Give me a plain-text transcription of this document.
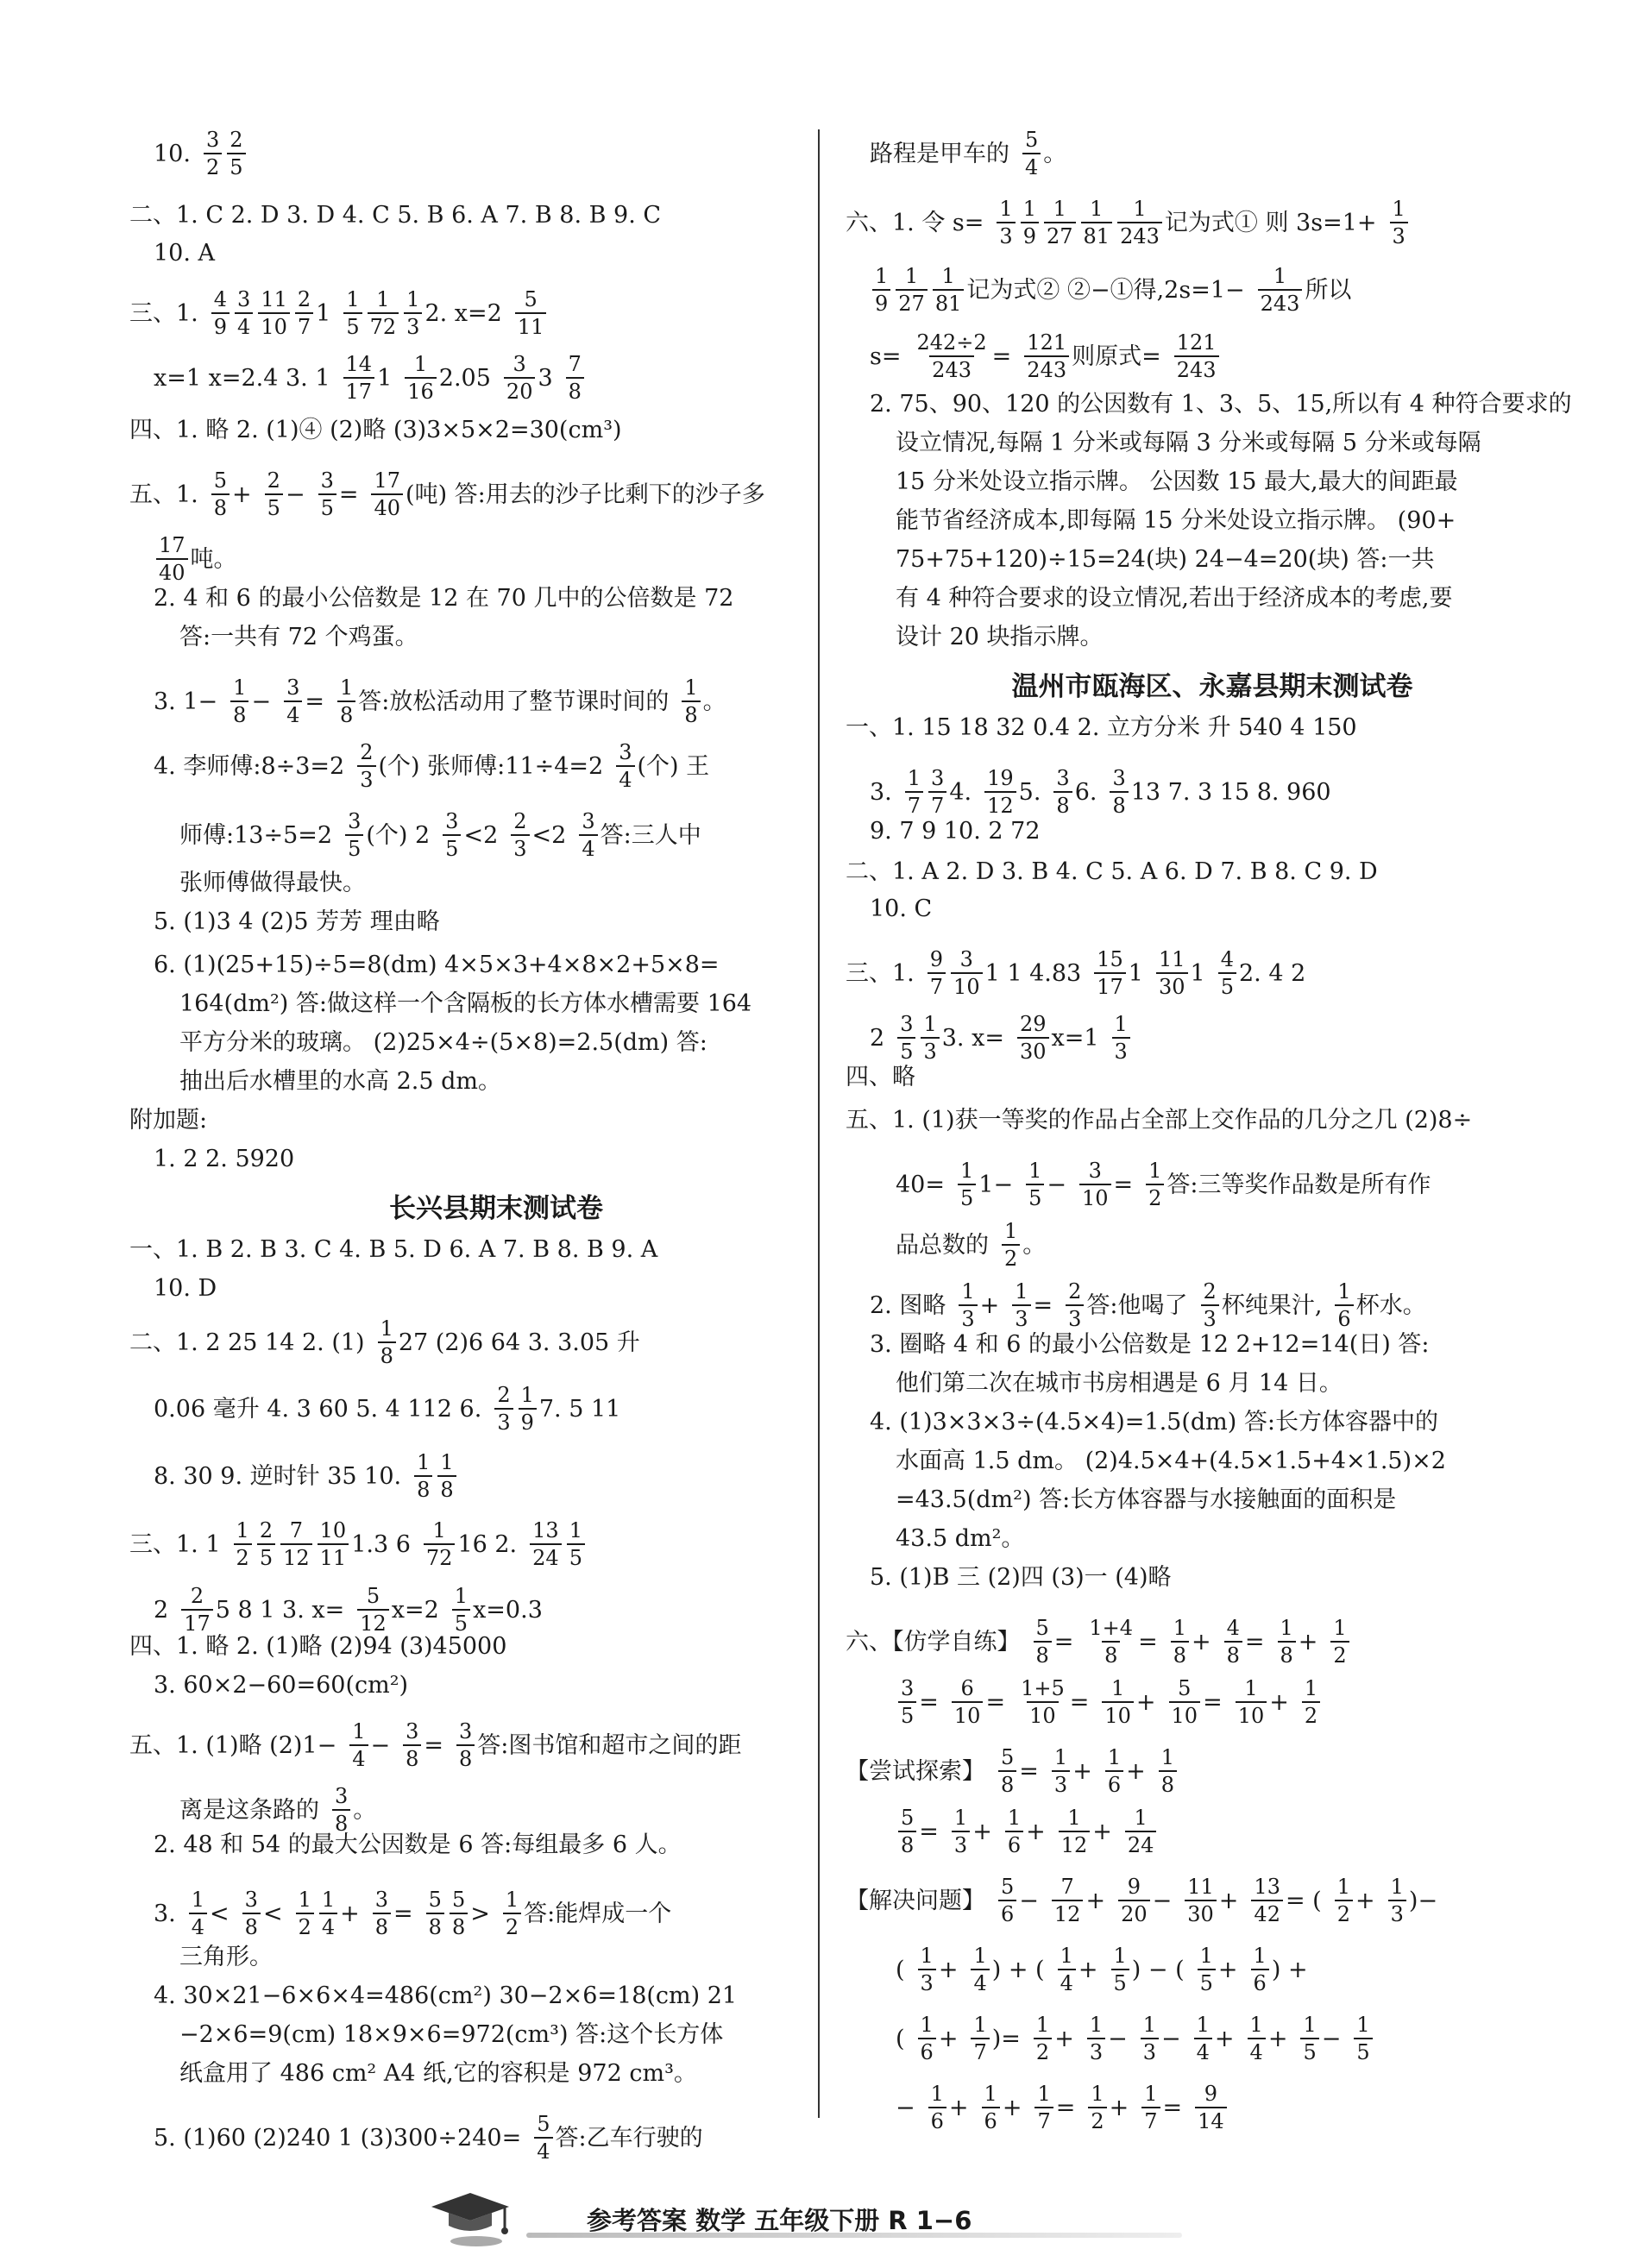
10. $\frac{3}{2} \frac{2}{5}$
二、1. C 2. D 3. D 4. C 5. B 6. A 7. B 8. B 9. C
10. A
三、1. $\frac{4}{9} \frac{3}{4} \frac{11}{10} \frac{2}{7} 1 \frac{1}{5} \frac{1}{72} \frac{1}{3} 2$. $x=2 \frac{5}{11}$
x=1 x=2.4 3. $1 \frac{14}{17} 1 \frac{1}{16} 2.05 \frac{3}{20} 3 \frac{7}{8}$
四、1. 略 2. (1)④ (2)略 (3)3×5×2=30(cm³)
五、1. $\frac{5}{8} + \frac{2}{5} - \frac{3}{5} = \frac{17}{40}$ (吨) 答:用去的沙子比剩下的沙子多
$\frac{17}{40}$ 吨。
2. 4 和 6 的最小公倍数是 12 在 70 几中的公倍数是 72
答:一共有 72 个鸡蛋。
3. $1- \frac{1}{8} - \frac{3}{4} = \frac{1}{8}$ 答:放松活动用了整节课时间的 $\frac{1}{8}$ 。
4. 李师傅:8÷3=2 $\frac{2}{3}$ (个) 张师傅:11÷4=2 $\frac{3}{4}$ (个) 王
师傅:13÷5=2 $\frac{3}{5}$ (个) $2 \frac{3}{5} <2 \frac{2}{3} <2 \frac{3}{4}$ 答:三人中
张师傅做得最快。
5. (1)3 4 (2)5 芳芳 理由略
6. (1)(25+15)÷5=8(dm) 4×5×3+4×8×2+5×8=
164(dm²) 答:做这样一个含隔板的长方体水槽需要 164
平方分米的玻璃。 (2)25×4÷(5×8)=2.5(dm) 答:
抽出后水槽里的水高 2.5 dm。
附加题:
1. 2 2. 5920
长兴县期末测试卷
一、1. B 2. B 3. C 4. B 5. D 6. A 7. B 8. B 9. A
10. D
二、1. 2 25 14 2. $(1) \frac{1}{8} 27$ (2)6 64 3. 3.05 升
0.06 毫升 4. 3 60 5. 4 112 6. $\frac{2}{3} \frac{1}{9} 7$. 5 11
8. 30 9. 逆时针 35 10. $\frac{1}{8} \frac{1}{8}$
三、1. $1 \frac{1}{2} \frac{2}{5} \frac{7}{12} \frac{10}{11} 1.3$ $6 \frac{1}{72} 16$ 2. $\frac{13}{24} \frac{1}{5}$
$2 \frac{2}{17} 5$ 8 1 3. $x= \frac{5}{12} x=2 \frac{1}{5} x=0.3$
四、1. 略 2. (1)略 (2)94 (3)45000
3. 60×2−60=60(cm²)
五、1. (1)略 $(2)1- \frac{1}{4} - \frac{3}{8} = \frac{3}{8}$ 答:图书馆和超市之间的距
离是这条路的 $\frac{3}{8}$ 。
2. 48 和 54 的最大公因数是 6 答:每组最多 6 人。
3. $\frac{1}{4} < \frac{3}{8} < \frac{1}{2} \frac{1}{4} + \frac{3}{8} = \frac{5}{8} \frac{5}{8} > \frac{1}{2}$ 答:能焊成一个
三角形。
4. 30×21−6×6×4=486(cm²) 30−2×6=18(cm) 21
−2×6=9(cm) 18×9×6=972(cm³) 答:这个长方体
纸盒用了 486 cm² A4 纸,它的容积是 972 cm³。
5. (1)60 (2)240 1 $(3)300\div 240= \frac{5}{4}$ 答:乙车行驶的
路程是甲车的 $\frac{5}{4}$ 。
六、1. 令 $s= \frac{1}{3} \frac{1}{9} \frac{1}{27} \frac{1}{81} \frac{1}{243}$ 记为式① 则 $3s=1+ \frac{1}{3}$
$\frac{1}{9} \frac{1}{27} \frac{1}{81}$ 记为式② ②−①得$,2s=1- \frac{1}{243}$ 所以
$s= \frac{242\div 2}{243} = \frac{121}{243}$ 则原式= $\frac{121}{243}$
2. 75、90、120 的公因数有 1、3、5、15,所以有 4 种符合要求的
设立情况,每隔 1 分米或每隔 3 分米或每隔 5 分米或每隔
15 分米处设立指示牌。 公因数 15 最大,最大的间距最
能节省经济成本,即每隔 15 分米处设立指示牌。 (90+
75+75+120)÷15=24(块) 24−4=20(块) 答:一共
有 4 种符合要求的设立情况,若出于经济成本的考虑,要
设计 20 块指示牌。
温州市瓯海区、永嘉县期末测试卷
一、1. 15 18 32 0.4 2. 立方分米 升 540 4 150
3. $\frac{1}{7} \frac{3}{7} 4$. $\frac{19}{12} 5$. $\frac{3}{8} 6$. $\frac{3}{8} 13$ 7. 3 15 8. 960
9. 7 9 10. 2 72
二、1. A 2. D 3. B 4. C 5. A 6. D 7. B 8. C 9. D
10. C
三、1. $\frac{9}{7} \frac{3}{10} 1$ 1 $4.83 \frac{15}{17} 1 \frac{11}{30} 1 \frac{4}{5} 2$. 4 2
$2 \frac{3}{5} \frac{1}{3} 3$. $x= \frac{29}{30} x=1 \frac{1}{3}$
四、略
五、1. (1)获一等奖的作品占全部上交作品的几分之几 (2)8÷
$40= \frac{1}{5} 1- \frac{1}{5} - \frac{3}{10} = \frac{1}{2}$ 答:三等奖作品数是所有作
品总数的 $\frac{1}{2}$ 。
2. 图略 $\frac{1}{3} + \frac{1}{3} = \frac{2}{3}$ 答:他喝了 $\frac{2}{3}$ 杯纯果汁, $\frac{1}{6}$ 杯水。
3. 圈略 4 和 6 的最小公倍数是 12 2+12=14(日) 答:
他们第二次在城市书房相遇是 6 月 14 日。
4. (1)3×3×3÷(4.5×4)=1.5(dm) 答:长方体容器中的
水面高 1.5 dm。 (2)4.5×4+(4.5×1.5+4×1.5)×2
=43.5(dm²) 答:长方体容器与水接触面的面积是
43.5 dm²。
5. (1)B 三 (2)四 (3)一 (4)略
六、【仿学自练】 $\frac{5}{8} = \frac{1+4}{8} = \frac{1}{8} + \frac{4}{8} = \frac{1}{8} + \frac{1}{2}$
$\frac{3}{5} = \frac{6}{10} = \frac{1+5}{10} = \frac{1}{10} + \frac{5}{10} = \frac{1}{10} + \frac{1}{2}$
【尝试探索】 $\frac{5}{8} = \frac{1}{3} + \frac{1}{6} + \frac{1}{8}$
$\frac{5}{8} = \frac{1}{3} + \frac{1}{6} + \frac{1}{12} + \frac{1}{24}$
【解决问题】 $\frac{5}{6} - \frac{7}{12} + \frac{9}{20} - \frac{11}{30} + \frac{13}{42}$ = ( $\frac{1}{2} + \frac{1}{3}$ )−
( $\frac{1}{3} + \frac{1}{4}$ ) + ( $\frac{1}{4} + \frac{1}{5}$ ) − ( $\frac{1}{5} + \frac{1}{6}$ ) +
( $\frac{1}{6} + \frac{1}{7}$ )= $\frac{1}{2} + \frac{1}{3} - \frac{1}{3} - \frac{1}{4} + \frac{1}{4} + \frac{1}{5} - \frac{1}{5}$
− $\frac{1}{6} + \frac{1}{6} + \frac{1}{7} = \frac{1}{2} + \frac{1}{7} = \frac{9}{14}$
参考答案 数学 五年级下册 R 1−6
